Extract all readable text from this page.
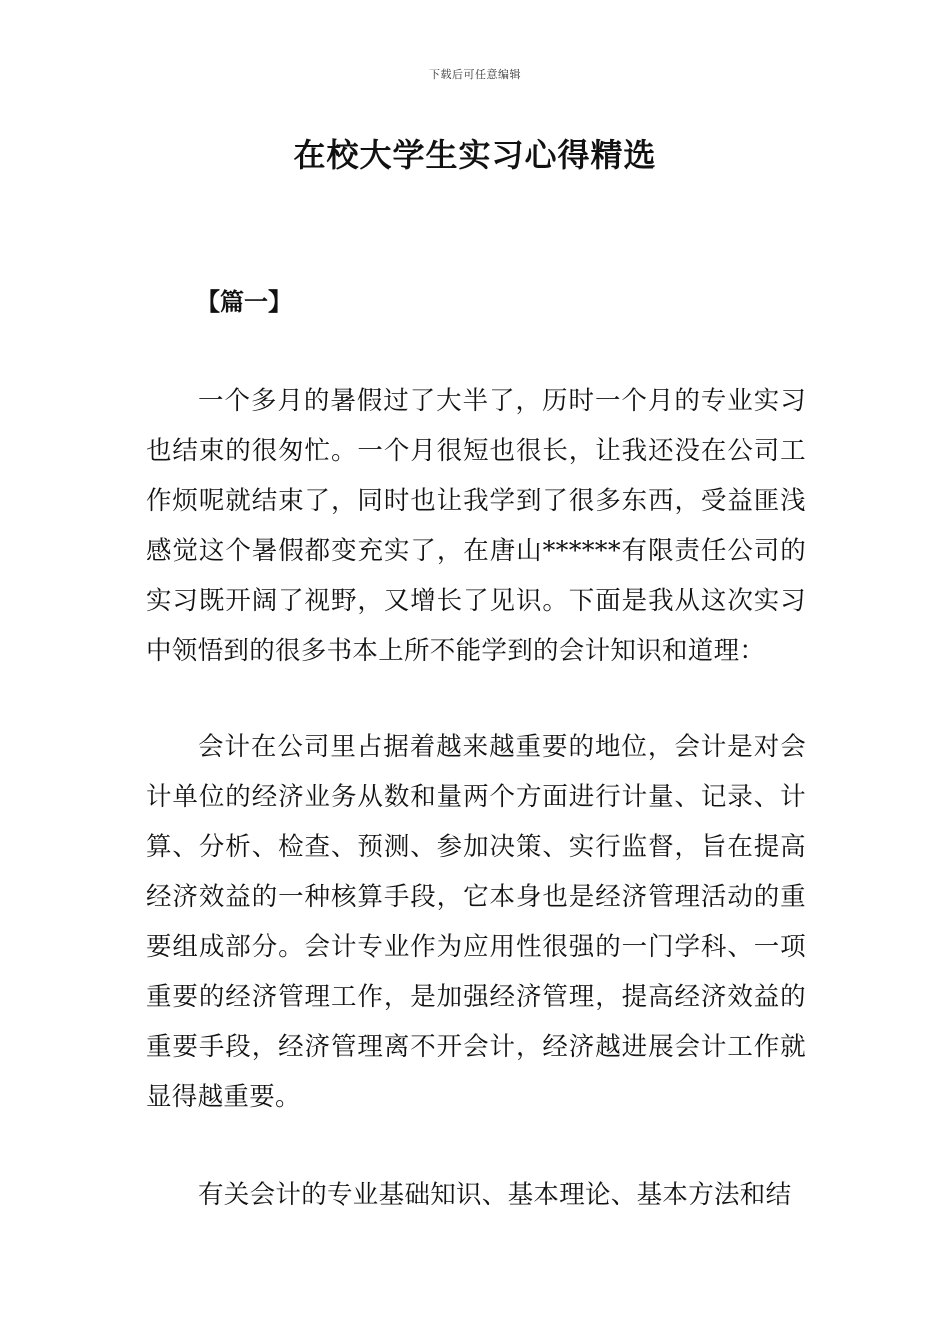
下载后可任意编辑
在校大学生实习心得精选
【篇一】

一个多月的暑假过了大半了，历时一个月的专业实习也结束的很匆忙。一个月很短也很长，让我还没在公司工作烦呢就结束了，同时也让我学到了很多东西，受益匪浅感觉这个暑假都变充实了，在唐山******有限责任公司的实习既开阔了视野，又增长了见识。下面是我从这次实习中领悟到的很多书本上所不能学到的会计知识和道理：

会计在公司里占据着越来越重要的地位，会计是对会计单位的经济业务从数和量两个方面进行计量、记录、计算、分析、检查、预测、参加决策、实行监督，旨在提高经济效益的一种核算手段，它本身也是经济管理活动的重要组成部分。会计专业作为应用性很强的一门学科、一项重要的经济管理工作，是加强经济管理，提高经济效益的重要手段，经济管理离不开会计，经济越进展会计工作就显得越重要。

有关会计的专业基础知识、基本理论、基本方法和结
